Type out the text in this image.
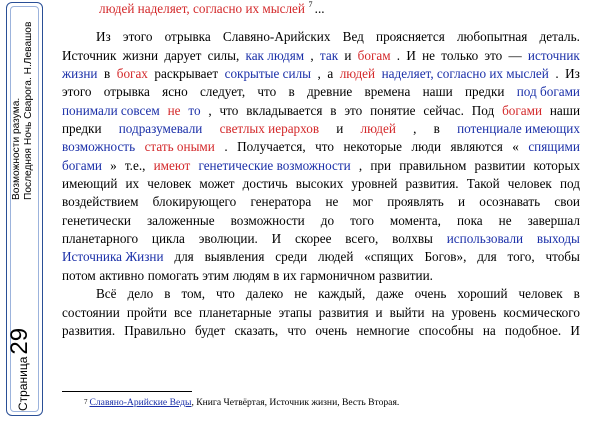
Возможности разума. Последняя Ночь Сварога. Н.Левашов
Страница
29
людей наделяет, согласно их мыслей 7 ...
Из этого отрывка Славяно-Арийских Вед проясняется любопытная деталь.
Источник жизни дарует силы, как людям , так и богам . И не только это — источник
жизни в богах раскрывает сокрытые силы , а людей наделяет, согласно их мыслей . Из
этого отрывка ясно следует, что в древние времена наши предки под богами
понимали совсем не то , что вкладывается в это понятие сейчас. Под богами наши
предки подразумевали светлых иерархов и людей , в потенциале имеющих
возможность стать оными . Получается, что некоторые люди являются « спящими
богами » т.е., имеют генетические возможности , при правильном развитии которых
имеющий их человек может достичь высоких уровней развития. Такой человек под
воздействием блокирующего генератора не мог проявлять и осознавать свои
генетически заложенные возможности до того момента, пока не завершал
планетарного цикла эволюции. И скорее всего, волхвы использовали выходы
Источника Жизни для выявления среди людей «спящих Богов», для того, чтобы
потом активно помогать этим людям в их гармоничном развитии.
Всё дело в том, что далеко не каждый, даже очень хороший человек в
состоянии пройти все планетарные этапы развития и выйти на уровень космического
развития. Правильно будет сказать, что очень немногие способны на подобное. И
$^7$ Славяно-Арийские Веды, Книга Четвёртая, Источник жизни, Весть Вторая.
